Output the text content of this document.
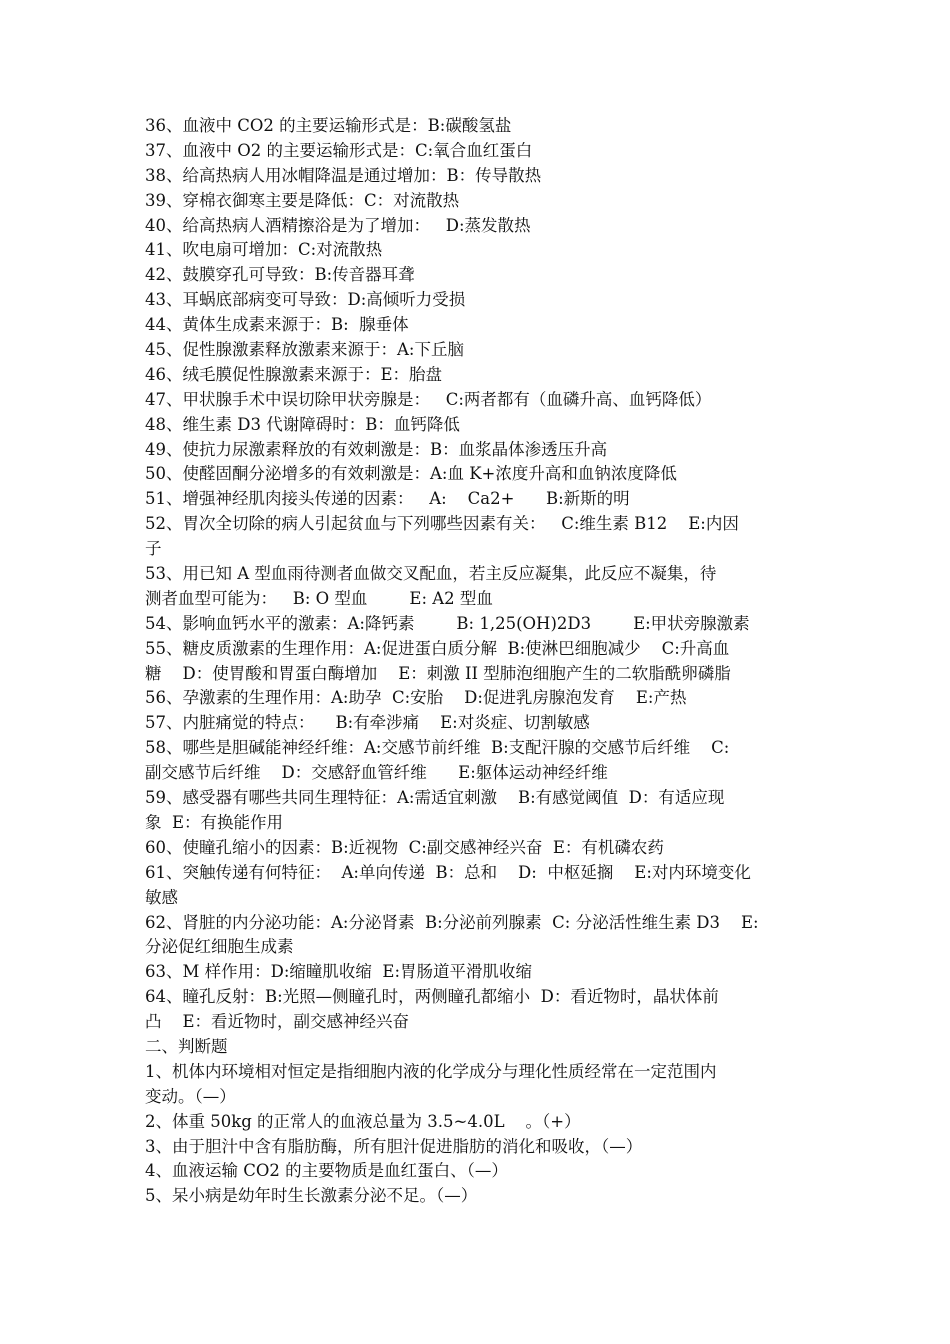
36、血液中 CO2 的主要运输形式是：B:碳酸氢盐
37、血液中 O2 的主要运输形式是：C:氧合血红蛋白
38、给高热病人用冰帽降温是通过增加：B：传导散热
39、穿棉衣御寒主要是降低：C：对流散热
40、给高热病人酒精擦浴是为了增加：   D:蒸发散热
41、吹电扇可增加：C:对流散热
42、鼓膜穿孔可导致：B:传音器耳聋
43、耳蜗底部病变可导致：D:高倾听力受损
44、黄体生成素来源于：B:  腺垂体
45、促性腺激素释放激素来源于：A:下丘脑
46、绒毛膜促性腺激素来源于：E：胎盘
47、甲状腺手术中误切除甲状旁腺是：   C:两者都有（血磷升高、血钙降低）
48、维生素 D3 代谢障碍时：B：血钙降低
49、使抗力尿激素释放的有效刺激是：B：血浆晶体渗透压升高
50、使醛固酮分泌增多的有效刺激是：A:血 K+浓度升高和血钠浓度降低
51、增强神经肌肉接头传递的因素：   A:    Ca2+      B:新斯的明
52、胃次全切除的病人引起贫血与下列哪些因素有关：   C:维生素 B12    E:内因
子
53、用已知 A 型血雨待测者血做交叉配血，若主反应凝集，此反应不凝集，待
测者血型可能为：   B: O 型血        E: A2 型血
54、影响血钙水平的激素：A:降钙素        B: 1,25(OH)2D3        E:甲状旁腺激素
55、糖皮质激素的生理作用：A:促进蛋白质分解  B:使淋巴细胞减少    C:升高血
糖    D：使胃酸和胃蛋白酶增加    E：刺激 II 型肺泡细胞产生的二软脂酰卵磷脂
56、孕激素的生理作用：A:助孕  C:安胎    D:促进乳房腺泡发育    E:产热
57、内脏痛觉的特点：    B:有牵涉痛    E:对炎症、切割敏感
58、哪些是胆碱能神经纤维：A:交感节前纤维  B:支配汗腺的交感节后纤维    C:
副交感节后纤维    D：交感舒血管纤维      E:躯体运动神经纤维
59、感受器有哪些共同生理特征：A:需适宜刺激    B:有感觉阈值  D：有适应现
象  E：有换能作用
60、使瞳孔缩小的因素：B:近视物  C:副交感神经兴奋  E：有机磷农药
61、突触传递有何特征：  A:单向传递  B：总和    D:  中枢延搁    E:对内环境变化
敏感
62、肾脏的内分泌功能：A:分泌肾素  B:分泌前列腺素  C: 分泌活性维生素 D3    E:
分泌促红细胞生成素
63、M 样作用：D:缩瞳肌收缩  E:胃肠道平滑肌收缩
64、瞳孔反射：B:光照—侧瞳孔时，两侧瞳孔都缩小  D：看近物时，晶状体前
凸    E：看近物时，副交感神经兴奋
二、判断题
1、机体内环境相对恒定是指细胞内液的化学成分与理化性质经常在一定范围内
变动。（—）
2、体重 50kg 的正常人的血液总量为 3.5~4.0L    。（+）
3、由于胆汁中含有脂肪酶，所有胆汁促进脂肪的消化和吸收，（—）
4、血液运输 CO2 的主要物质是血红蛋白、（—）
5、呆小病是幼年时生长激素分泌不足。（—）
